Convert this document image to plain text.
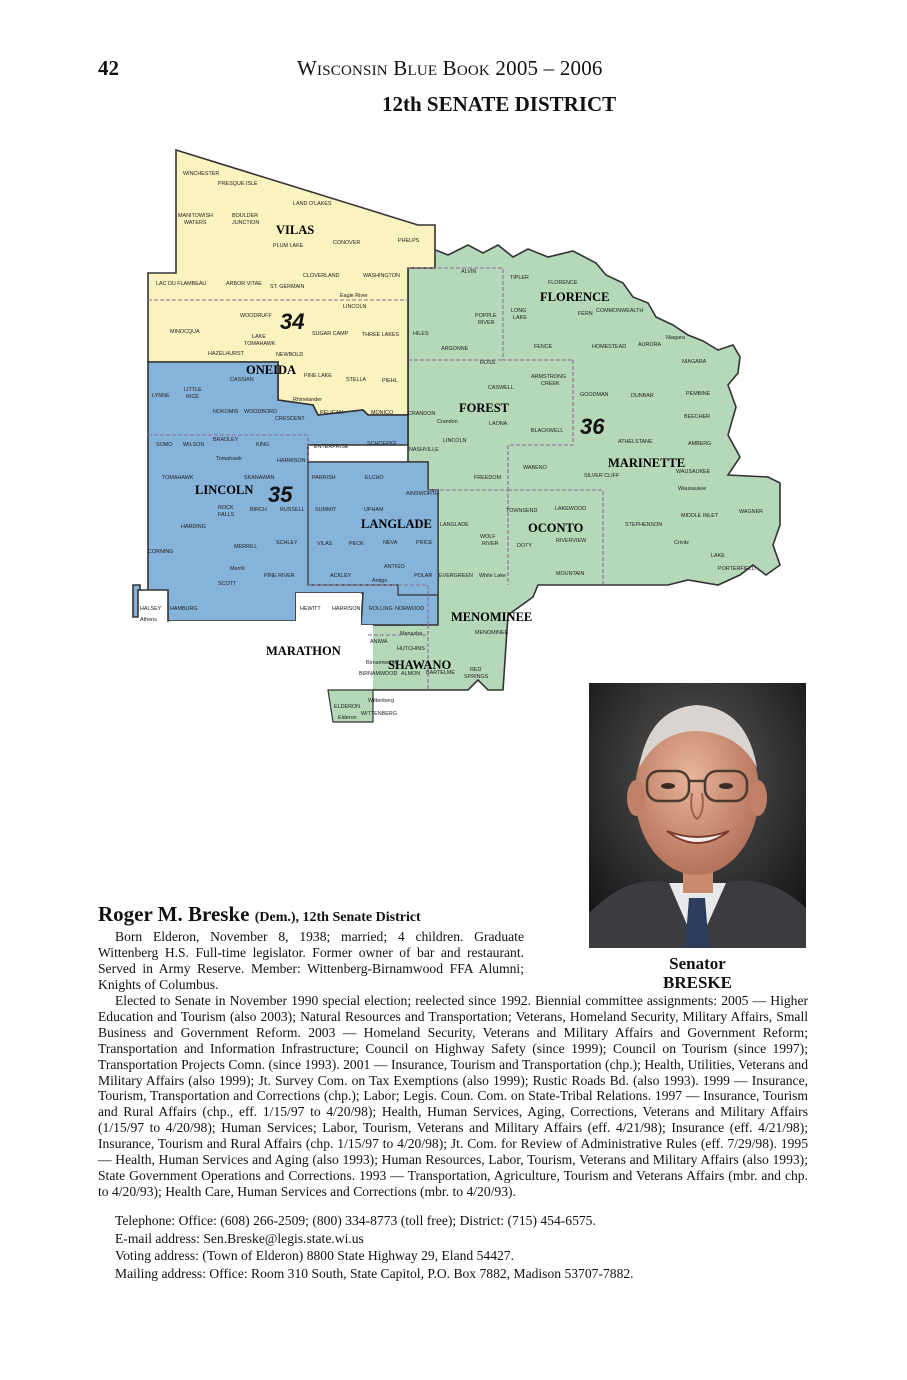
42	Wisconsin Blue Book 2005 – 2006
12th SENATE DISTRICT
WINCHESTER
PRESQUE ISLE
LAND O'LAKES
MANITOWISH
WATERS
BOULDER
JUNCTION
PLUM LAKE	CONOVER	PHELPS
CLOVERLAND	WASHINGTON
LAC DU FLAMBEAU	ARBOR VITAE ST. GERMAIN
Eagle River
LINCOLN
WOODRUFF
MINOCQUA
LAKE
TOMAHAWK
SUGAR CAMP	THREE LAKES
HAZELHURST	NEWBOLD
CASSIAN
PINE LAKE
STELLA	PIEHL
LITTLE
RICE
LYNNE
Rhinelander
NOKOMIS WOODBORO	PELICAN	MONICO
CRESCENT
CRANDON
Crandon
HILES
ARGONNE
ALVIN
TIPLER
FLORENCE
POPPLE
RIVER
LONG
LAKE
FERN COMMONWEALTH
FENCE	HOMESTEAD AURORA
Niagara
NIAGARA
ROSS
ARMSTRONG
CREEK
CASWELL
GOODMAN	DUNBAR	PEMBINE
BEECHER
LAONA
BLACKWELL
LINCOLN
NASHVILLE
ATHELSTANE	AMBERG
WABENO
SILVER CLIFF
WAUSAUKEE
Wausaukee
SOMO WILSON
BRADLEY
KING	ENTERPRISE	SCHOEPKE
Tomahawk	HARRISON
TOMAHAWK	SKANAWAN	PARRISH	ELCHO	FREEDOM
AINSWORTH
ROCK
FALLS
BIRCH RUSSELL SUMMIT	UPHAM	TOWNSEND	LAKEWOOD
MIDDLE INLET
WAGNER
HARDING	LANGLADE	STEPHENSON
WOLF
RIVER
MERRILL
SCHLEY	VILAS	PECK	NEVA	PRICE	DOTY
RIVERVIEW	Crivitz
CORNING
LAKE
PORTERFIELD
ANTIGO
Merrill
PINE RIVER	ACKLEY
Antigo
POLAR EVERGREEN White Lake	MOUNTAIN
SCOTT
HALSEY HAMBURG
Athens
HEWITT HARRISON ROLLING NORWOOD
MENOMINEE
Menasha
ANIWA
HUTCHINS
Birnamwood
BIRNAMWOOD ALMON BARTELME	RED
SPRINGS
Wittenberg
ELDERON
WITTENBERG
Elderon
VILAS
ONEIDA
FLORENCE
FOREST
MARINETTE
LINCOLN
LANGLADE	OCONTO
MENOMINEE
SHAWANO
MARATHON
34
35
36
Senator
BRESKE
Roger M. Breske (Dem.), 12th Senate District

Born Elderon, November 8, 1938; married; 4 children. Graduate Wittenberg H.S. Full-time legislator. Former owner of bar and restaurant. Served in Army Reserve. Member: Wittenberg-Birnamwood FFA Alumni; Knights of Columbus.

Elected to Senate in November 1990 special election; reelected since 1992. Biennial committee assignments: 2005 — Higher Education and Tourism (also 2003); Natural Resources and Transportation; Veterans, Homeland Security, Military Affairs, Small Business and Government Reform. 2003 — Homeland Security, Veterans and Military Affairs and Government Reform; Transportation and Information Infrastructure; Council on Highway Safety (since 1999); Council on Tourism (since 1997); Transportation Projects Comn. (since 1993). 2001 — Insurance, Tourism and Transportation (chp.); Health, Utilities, Veterans and Military Affairs (also 1999); Jt. Survey Com. on Tax Exemptions (also 1999); Rustic Roads Bd. (also 1993). 1999 — Insurance, Tourism, Transportation and Corrections (chp.); Labor; Legis. Coun. Com. on State-Tribal Relations. 1997 — Insurance, Tourism and Rural Affairs (chp., eff. 1/15/97 to 4/20/98); Health, Human Services, Aging, Corrections, Veterans and Military Affairs (1/15/97 to 4/20/98); Human Services; Labor, Tourism, Veterans and Military Affairs (eff. 4/21/98); Insurance (eff. 4/21/98); Insurance, Tourism and Rural Affairs (chp. 1/15/97 to 4/20/98); Jt. Com. for Review of Administrative Rules (eff. 7/29/98). 1995 — Health, Human Services and Aging (also 1993); Human Resources, Labor, Tourism, Veterans and Military Affairs (also 1993); State Government Operations and Corrections. 1993 — Transportation, Agriculture, Tourism and Veterans Affairs (mbr. and chp. to 4/20/93); Health Care, Human Services and Corrections (mbr. to 4/20/93).

Telephone: Office: (608) 266-2509; (800) 334-8773 (toll free); District: (715) 454-6575.

E-mail address: Sen.Breske@legis.state.wi.us

Voting address: (Town of Elderon) 8800 State Highway 29, Eland 54427.

Mailing address: Office: Room 310 South, State Capitol, P.O. Box 7882, Madison 53707-7882.
